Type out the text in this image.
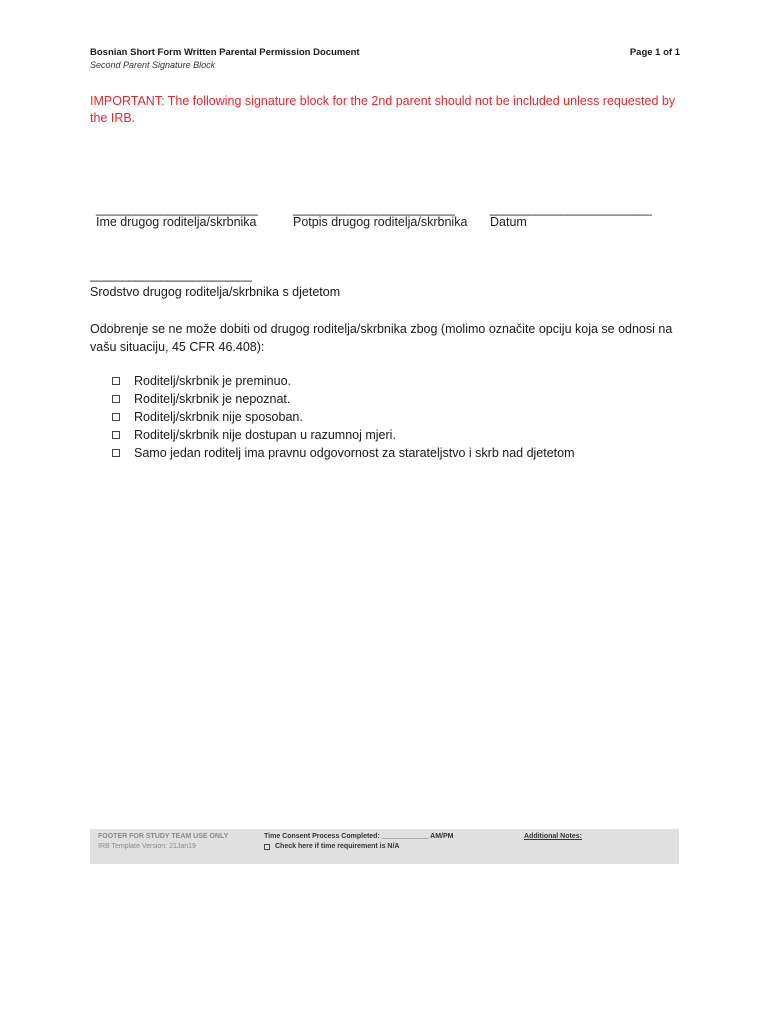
Bosnian Short Form Written Parental Permission Document
Second Parent Signature Block
Page 1 of 1
IMPORTANT: The following signature block for the 2nd parent should not be included unless requested by the IRB.
_________________________
Ime drugog roditelja/skrbnika
_________________________
Potpis drugog roditelja/skrbnika
_________________________
Datum
_________________________
Srodstvo drugog roditelja/skrbnika s djetetom
Odobrenje se ne može dobiti od drugog roditelja/skrbnika zbog (molimo označite opciju koja se odnosi na vašu situaciju, 45 CFR 46.408):
Roditelj/skrbnik je preminuo.
Roditelj/skrbnik je nepoznat.
Roditelj/skrbnik nije sposoban.
Roditelj/skrbnik nije dostupan u razumnoj mjeri.
Samo jedan roditelj ima pravnu odgovornost za starateljstvo i skrb nad djetetom
FOOTER FOR STUDY TEAM USE ONLY
IRB Template Version: 21Jan19
Time Consent Process Completed: ____________ AM/PM
Check here if time requirement is N/A
Additional Notes:
